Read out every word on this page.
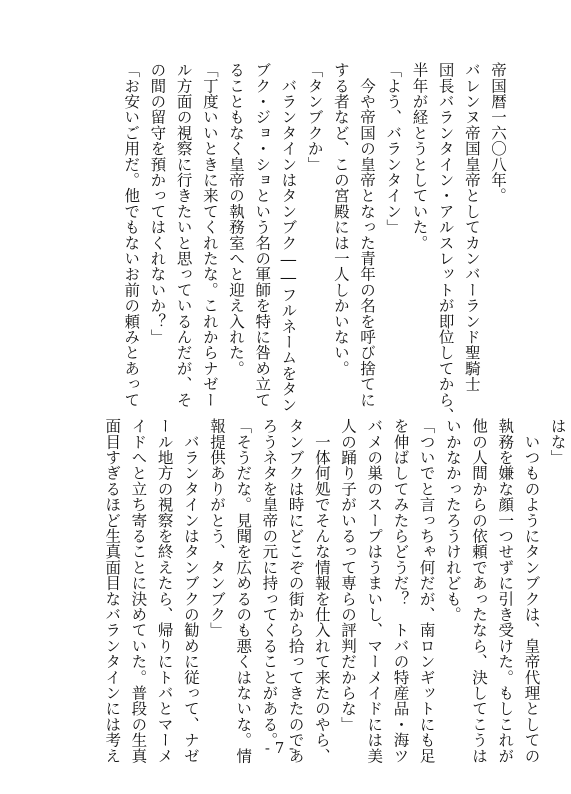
帝国暦一六〇八年。

バレンヌ帝国皇帝としてカンバーランド聖騎士

団長バランタイン・アルスレットが即位してから、

半年が経とうとしていた。

「よう、バランタイン」

　今や帝国の皇帝となった青年の名を呼び捨てに

する者など、この宮殿には一人しかいない。

「タンブクか」

　バランタインはタンブク――フルネームをタン

ブク・ジョ・ショという名の軍師を特に咎め立て

ることもなく皇帝の執務室へと迎え入れた。

「丁度いいときに来てくれたな。これからナゼー

ル方面の視察に行きたいと思っているんだが、そ

の間の留守を預かってはくれないか？」

「お安いご用だ。他でもないお前の頼みとあって

はな」

　いつものようにタンブクは、皇帝代理としての

執務を嫌な顔一つせずに引き受けた。もしこれが

他の人間からの依頼であったなら、決してこうは

いかなかったろうけれども。

「ついでと言っちゃ何だが、南ロンギットにも足

を伸ばしてみたらどうだ？　トバの特産品・海ツ

バメの巣のスープはうまいし、マーメイドには美

人の踊り子がいるって専らの評判だからな」

　一体何処でそんな情報を仕入れて来たのやら、

タンブクは時にどこぞの街から拾ってきたのであ

ろうネタを皇帝の元に持ってくることがある。

「そうだな。見聞を広めるのも悪くはないな。情

報提供ありがとう、タンブク」

　バランタインはタンブクの勧めに従って、ナゼ

ール地方の視察を終えたら、帰りにトバとマーメ

イドへと立ち寄ることに決めていた。普段の生真

面目すぎるほど生真面目なバランタインには考え	- 7 -
